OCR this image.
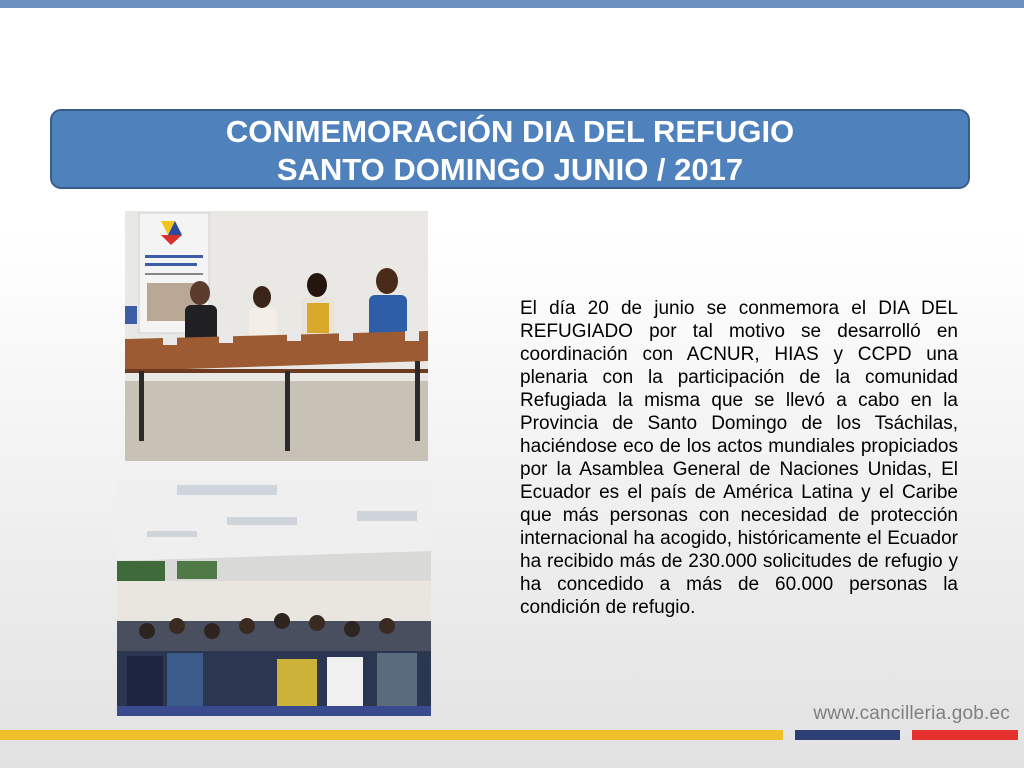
CONMEMORACIÓN DIA DEL REFUGIO
SANTO DOMINGO JUNIO / 2017

El día 20 de junio se conmemora el DIA DEL REFUGIADO por tal motivo se desarrolló en coordinación con ACNUR, HIAS y CCPD una plenaria con la participación de la comunidad Refugiada la misma que se llevó a cabo en la Provincia de Santo Domingo de los Tsáchilas, haciéndose eco de los actos mundiales propiciados por la Asamblea General de Naciones Unidas, El Ecuador es el país de América Latina y el Caribe que más personas con necesidad de protección internacional ha acogido, históricamente el Ecuador ha recibido más de 230.000 solicitudes de refugio y ha concedido a más de 60.000 personas la condición de refugio.

www.cancilleria.gob.ec
